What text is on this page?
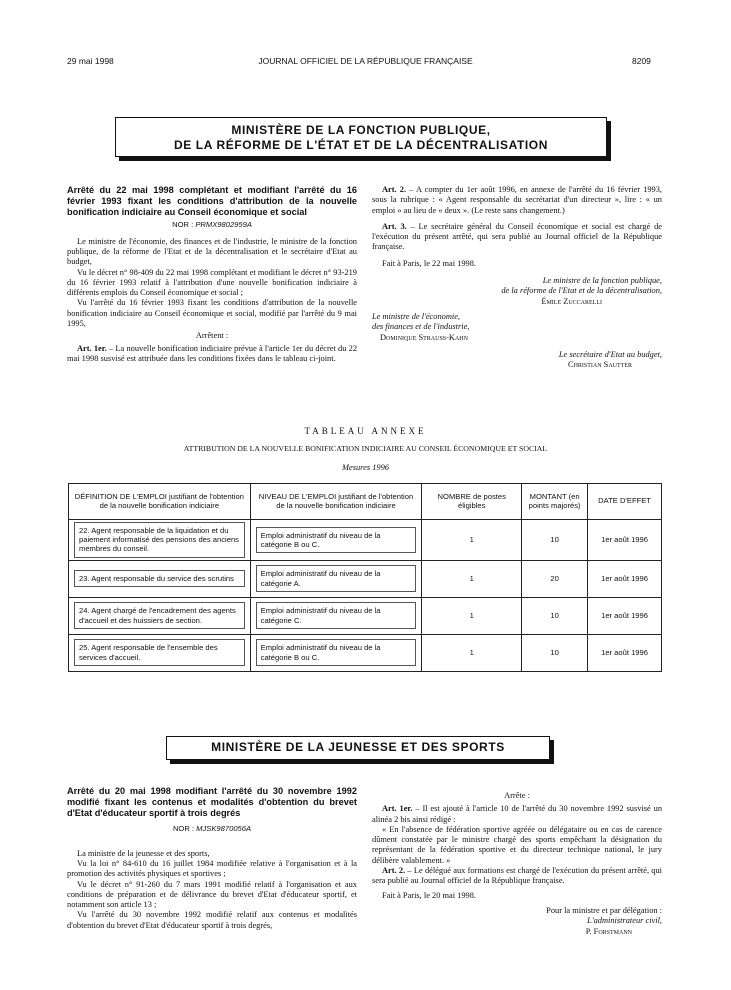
29 mai 1998	JOURNAL OFFICIEL DE LA RÉPUBLIQUE FRANÇAISE	8209
MINISTÈRE DE LA FONCTION PUBLIQUE,
DE LA RÉFORME DE L'ÉTAT ET DE LA DÉCENTRALISATION
Arrêté du 22 mai 1998 complétant et modifiant l'arrêté du 16 février 1993 fixant les conditions d'attribution de la nouvelle bonification indiciaire au Conseil économique et social
NOR : PRMX9802959A

Le ministre de l'économie, des finances et de l'industrie, le ministre de la fonction publique, de la réforme de l'Etat et de la décentralisation et le secrétaire d'Etat au budget,

Vu le décret n° 98-409 du 22 mai 1998 complétant et modifiant le décret n° 93-219 du 16 février 1993 relatif à l'attribution d'une nouvelle bonification indiciaire à différents emplois du Conseil économique et social ;

Vu l'arrêté du 16 février 1993 fixant les conditions d'attribution de la nouvelle bonification indiciaire au Conseil économique et social, modifié par l'arrêté du 9 mai 1995,

Arrêtent :

Art. 1er. – La nouvelle bonification indiciaire prévue à l'article 1er du décret du 22 mai 1998 susvisé est attribuée dans les conditions fixées dans le tableau ci-joint.

Art. 2. – A compter du 1er août 1996, en annexe de l'arrêté du 16 février 1993, sous la rubrique : « Agent responsable du secrétariat d'un directeur », lire : « un emploi » au lieu de « deux ». (Le reste sans changement.)

Art. 3. – Le secrétaire général du Conseil économique et social est chargé de l'exécution du présent arrêté, qui sera publié au Journal officiel de la République française.

Fait à Paris, le 22 mai 1998.

Le ministre de la fonction publique,
de la réforme de l'Etat et de la décentralisation,
Émile Zuccarelli
Le ministre de l'économie,
des finances et de l'industrie,
Dominique Strauss-Kahn
Le secrétaire d'Etat au budget,
Christian Sautter
TABLEAU ANNEXE
ATTRIBUTION DE LA NOUVELLE BONIFICATION INDICIAIRE AU CONSEIL ÉCONOMIQUE ET SOCIAL
Mesures 1996
DÉFINITION DE L'EMPLOI justifiant de l'obtention de la nouvelle bonification indiciaire	NIVEAU DE L'EMPLOI justifiant de l'obtention de la nouvelle bonification indiciaire	NOMBRE de postes éligibles	MONTANT (en points majorés)	DATE D'EFFET

22. Agent responsable de la liquidation et du paiement informatisé des pensions des anciens membres du conseil.	Emploi administratif du niveau de la catégorie B ou C.	1	10	1er août 1996

23. Agent responsable du service des scrutins	Emploi administratif du niveau de la catégorie A.	1	20	1er août 1996

24. Agent chargé de l'encadrement des agents d'accueil et des huissiers de section.	Emploi administratif du niveau de la catégorie C.	1	10	1er août 1996

25. Agent responsable de l'ensemble des services d'accueil.	Emploi administratif du niveau de la catégorie B ou C.	1	10	1er août 1996
MINISTÈRE DE LA JEUNESSE ET DES SPORTS
Arrêté du 20 mai 1998 modifiant l'arrêté du 30 novembre 1992 modifié fixant les contenus et modalités d'obtention du brevet d'Etat d'éducateur sportif à trois degrés
NOR : MJSK9870056A

La ministre de la jeunesse et des sports,

Vu la loi n° 84-610 du 16 juillet 1984 modifiée relative à l'organisation et à la promotion des activités physiques et sportives ;

Vu le décret n° 91-260 du 7 mars 1991 modifié relatif à l'organisation et aux conditions de préparation et de délivrance du brevet d'Etat d'éducateur sportif, et notamment son article 13 ;

Vu l'arrêté du 30 novembre 1992 modifié relatif aux contenus et modalités d'obtention du brevet d'Etat d'éducateur sportif à trois degrés,

Arrête :

Art. 1er. – Il est ajouté à l'article 10 de l'arrêté du 30 novembre 1992 susvisé un alinéa 2 bis ainsi rédigé :

« En l'absence de fédération sportive agréée ou délégataire ou en cas de carence dûment constatée par le ministre chargé des sports empêchant la désignation du représentant de la fédération sportive et du directeur technique national, le jury délibère valablement. »

Art. 2. – Le délégué aux formations est chargé de l'exécution du présent arrêté, qui sera publié au Journal officiel de la République française.

Fait à Paris, le 20 mai 1998.

Pour la ministre et par délégation :
L'administrateur civil,
P. Forstmann
